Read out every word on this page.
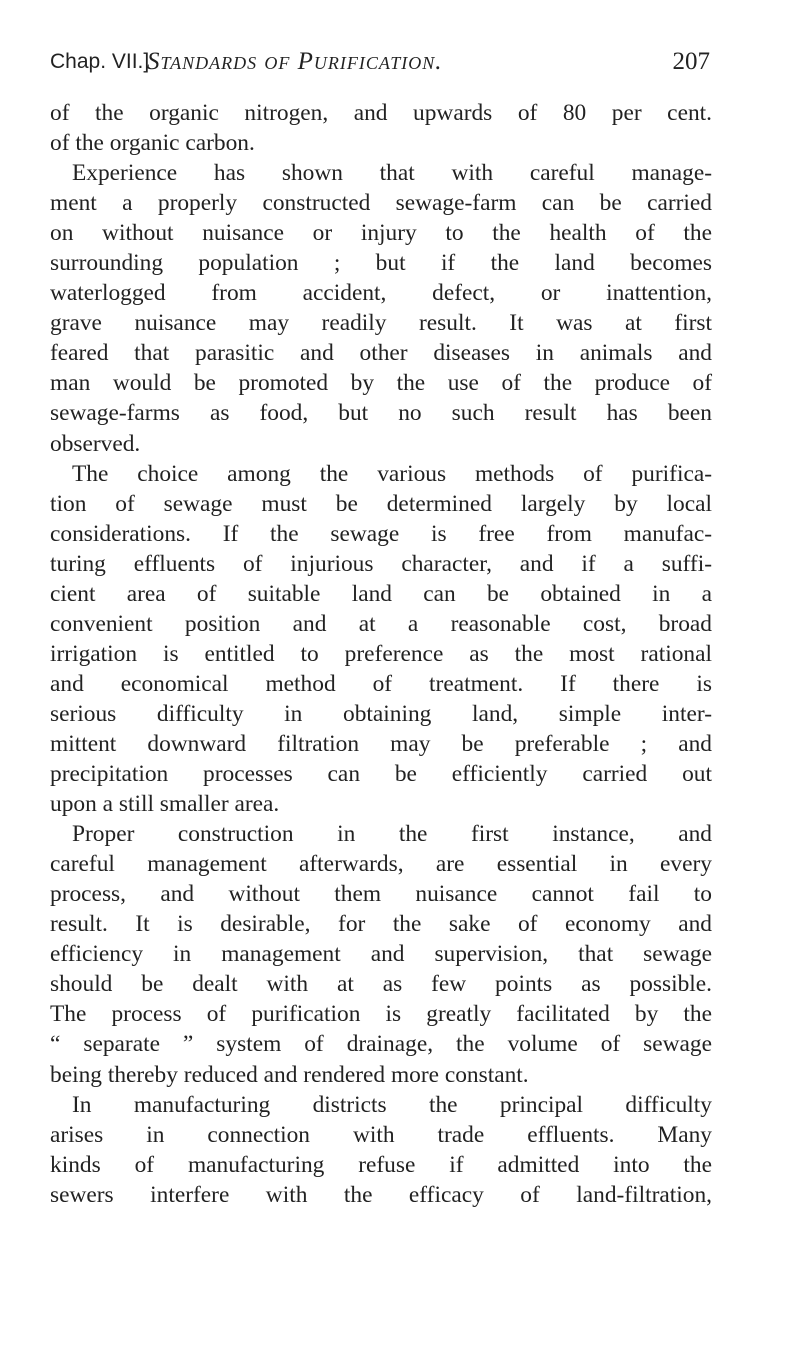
Chap. VII.]
Standards of Purification.	207
of the organic nitrogen, and upwards of 80 per cent.
of the organic carbon.
Experience has shown that with careful manage-
ment a properly constructed sewage-farm can be carried
on without nuisance or injury to the health of the
surrounding population ; but if the land becomes
waterlogged from accident, defect, or inattention,
grave nuisance may readily result. It was at first
feared that parasitic and other diseases in animals and
man would be promoted by the use of the produce of
sewage-farms as food, but no such result has been
observed.
The choice among the various methods of purifica-
tion of sewage must be determined largely by local
considerations. If the sewage is free from manufac-
turing effluents of injurious character, and if a suffi-
cient area of suitable land can be obtained in a
convenient position and at a reasonable cost, broad
irrigation is entitled to preference as the most rational
and economical method of treatment. If there is
serious difficulty in obtaining land, simple inter-
mittent downward filtration may be preferable ; and
precipitation processes can be efficiently carried out
upon a still smaller area.
Proper construction in the first instance, and
careful management afterwards, are essential in every
process, and without them nuisance cannot fail to
result. It is desirable, for the sake of economy and
efficiency in management and supervision, that sewage
should be dealt with at as few points as possible.
The process of purification is greatly facilitated by the
“ separate ” system of drainage, the volume of sewage
being thereby reduced and rendered more constant.
In manufacturing districts the principal difficulty
arises in connection with trade effluents. Many
kinds of manufacturing refuse if admitted into the
sewers interfere with the efficacy of land-filtration,
